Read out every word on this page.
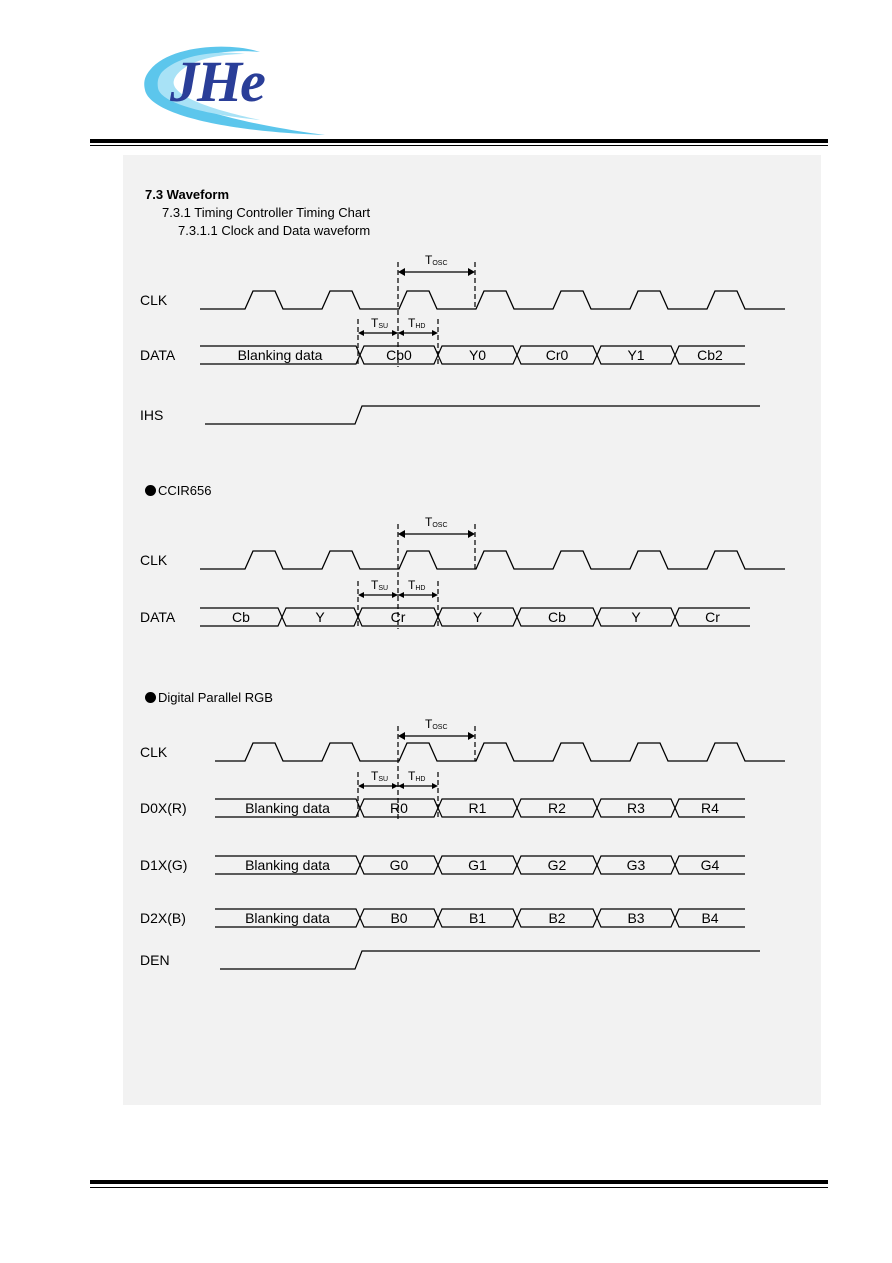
JHe
7.3 Waveform
7.3.1 Timing Controller Timing Chart
7.3.1.1 Clock and Data waveform
CCIR656
Digital Parallel RGB
CLK
DATA
IHS
TOSC
TSU THD
Blanking data	Cb0	Y0	Cr0	Y1	Cb2
CLK
DATA
TOSC
TSU THD
Cb	Y	Cr	Y	Cb	Y	Cr
CLK
D0X(R)
D1X(G)
D2X(B)
DEN
TOSC
TSU THD
Blanking data	R0	R1	R2	R3	R4
Blanking data	G0	G1	G2	G3	G4
Blanking data	B0	B1	B2	B3	B4
